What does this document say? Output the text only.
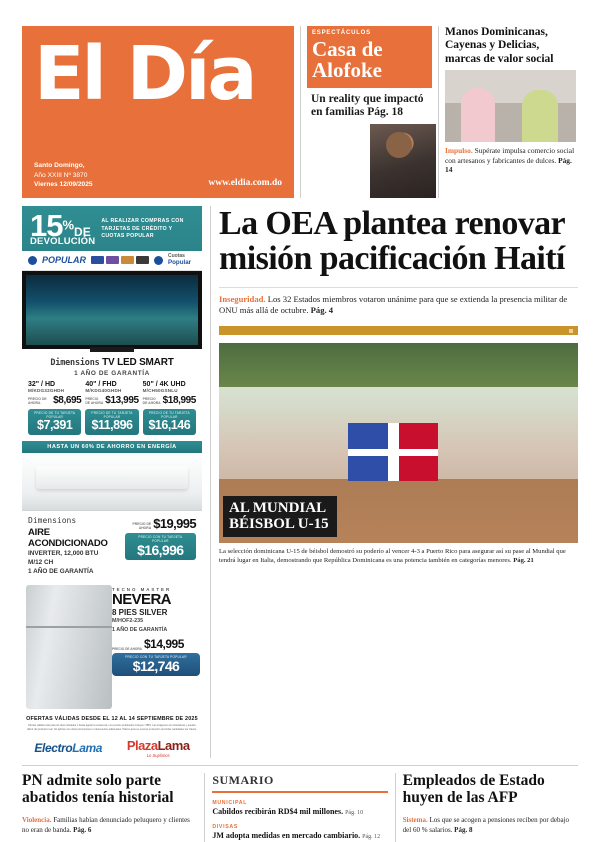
El Día
Santo Domingo,
Año XXIII Nº 3870
Viernes 12/09/2025	www.eldia.com.do
ESPECTÁCULOS
Casa de Alofoke
Un reality que impactó en familias Pág. 18
Manos Dominicanas, Cayenas y Delicias, marcas de valor social
Impulso. Supérate impulsa comercio social con artesanos y fabricantes de dulces. Pág. 14
15%DE
DEVOLUCIÓN
AL REALIZAR COMPRAS CON TARJETAS DE CRÉDITO Y CUOTAS POPULAR
POPULAR	Cuotas
Popular
Dimensions TV LED SMART
1 AÑO DE GARANTÍA
32" / HD
M/KDG32GHDH
PRECIO DE AHORA	$8,695
PRECIO DE TU TARJETA POPULAR
$7,391
40" / FHD
M/KDG40GHDH
PRECIO DE AHORA $13,995
PRECIO DE TU TARJETA POPULAR
$11,896
50" / 4K UHD
M/CH50GSNLU
PRECIO DE AHORA $18,995
PRECIO DE TU TARJETA POPULAR
$16,146
HASTA UN 60% DE AHORRO EN ENERGÍA
Dimensions
AIRE ACONDICIONADO
INVERTER, 12,000 BTU
M/12 CH
1 AÑO DE GARANTÍA
PRECIO DE AHORA $19,995
PRECIO CON TU TARJETA POPULAR
$16,996
TECNO MASTER
NEVERA
8 PIES SILVER
M/HOF2-235
1 AÑO DE GARANTÍA
PRECIO DE AHORA $14,995
PRECIO CON TU TARJETA POPULAR
$12,746
OFERTAS VÁLIDAS DESDE EL 12 AL 14 SEPTIEMBRE DE 2025
Ofertas válidas sólo para los días indicados o hasta agotar la existencia. Los precios publicados incluyen ITBIS. Las imágenes son ilustrativas y pueden diferir del producto real. No aplican con otras promociones ni descuentos adicionales. Plaza Lama se reserva el derecho de limitar cantidades por cliente.
ElectroLama PlazaLama
Lo Suplimos
La OEA plantea renovar misión pacificación Haití
Inseguridad. Los 32 Estados miembros votaron unánime para que se extienda la presencia militar de ONU más allá de octubre. Pág. 4
AL MUNDIAL
BÉISBOL U-15
La selección dominicana U-15 de béisbol demostró su poderío al vencer 4-3 a Puerto Rico para asegurar así su pase al Mundial que tendrá lugar en Italia, demostrando que República Dominicana es una potencia también en categorías menores. Pág. 21
PN admite solo parte abatidos tenía historial
Violencia. Familias habían denunciado peluquero y clientes no eran de banda. Pág. 6
SUMARIO
MUNICIPAL
Cabildos recibirán RD$4 mil millones. Pág. 10
DIVISAS
JM adopta medidas en mercado cambiario. Pág. 12
Empleados de Estado huyen de las AFP
Sistema. Los que se acogen a pensiones reciben por debajo del 60 % salarios. Pág. 8
